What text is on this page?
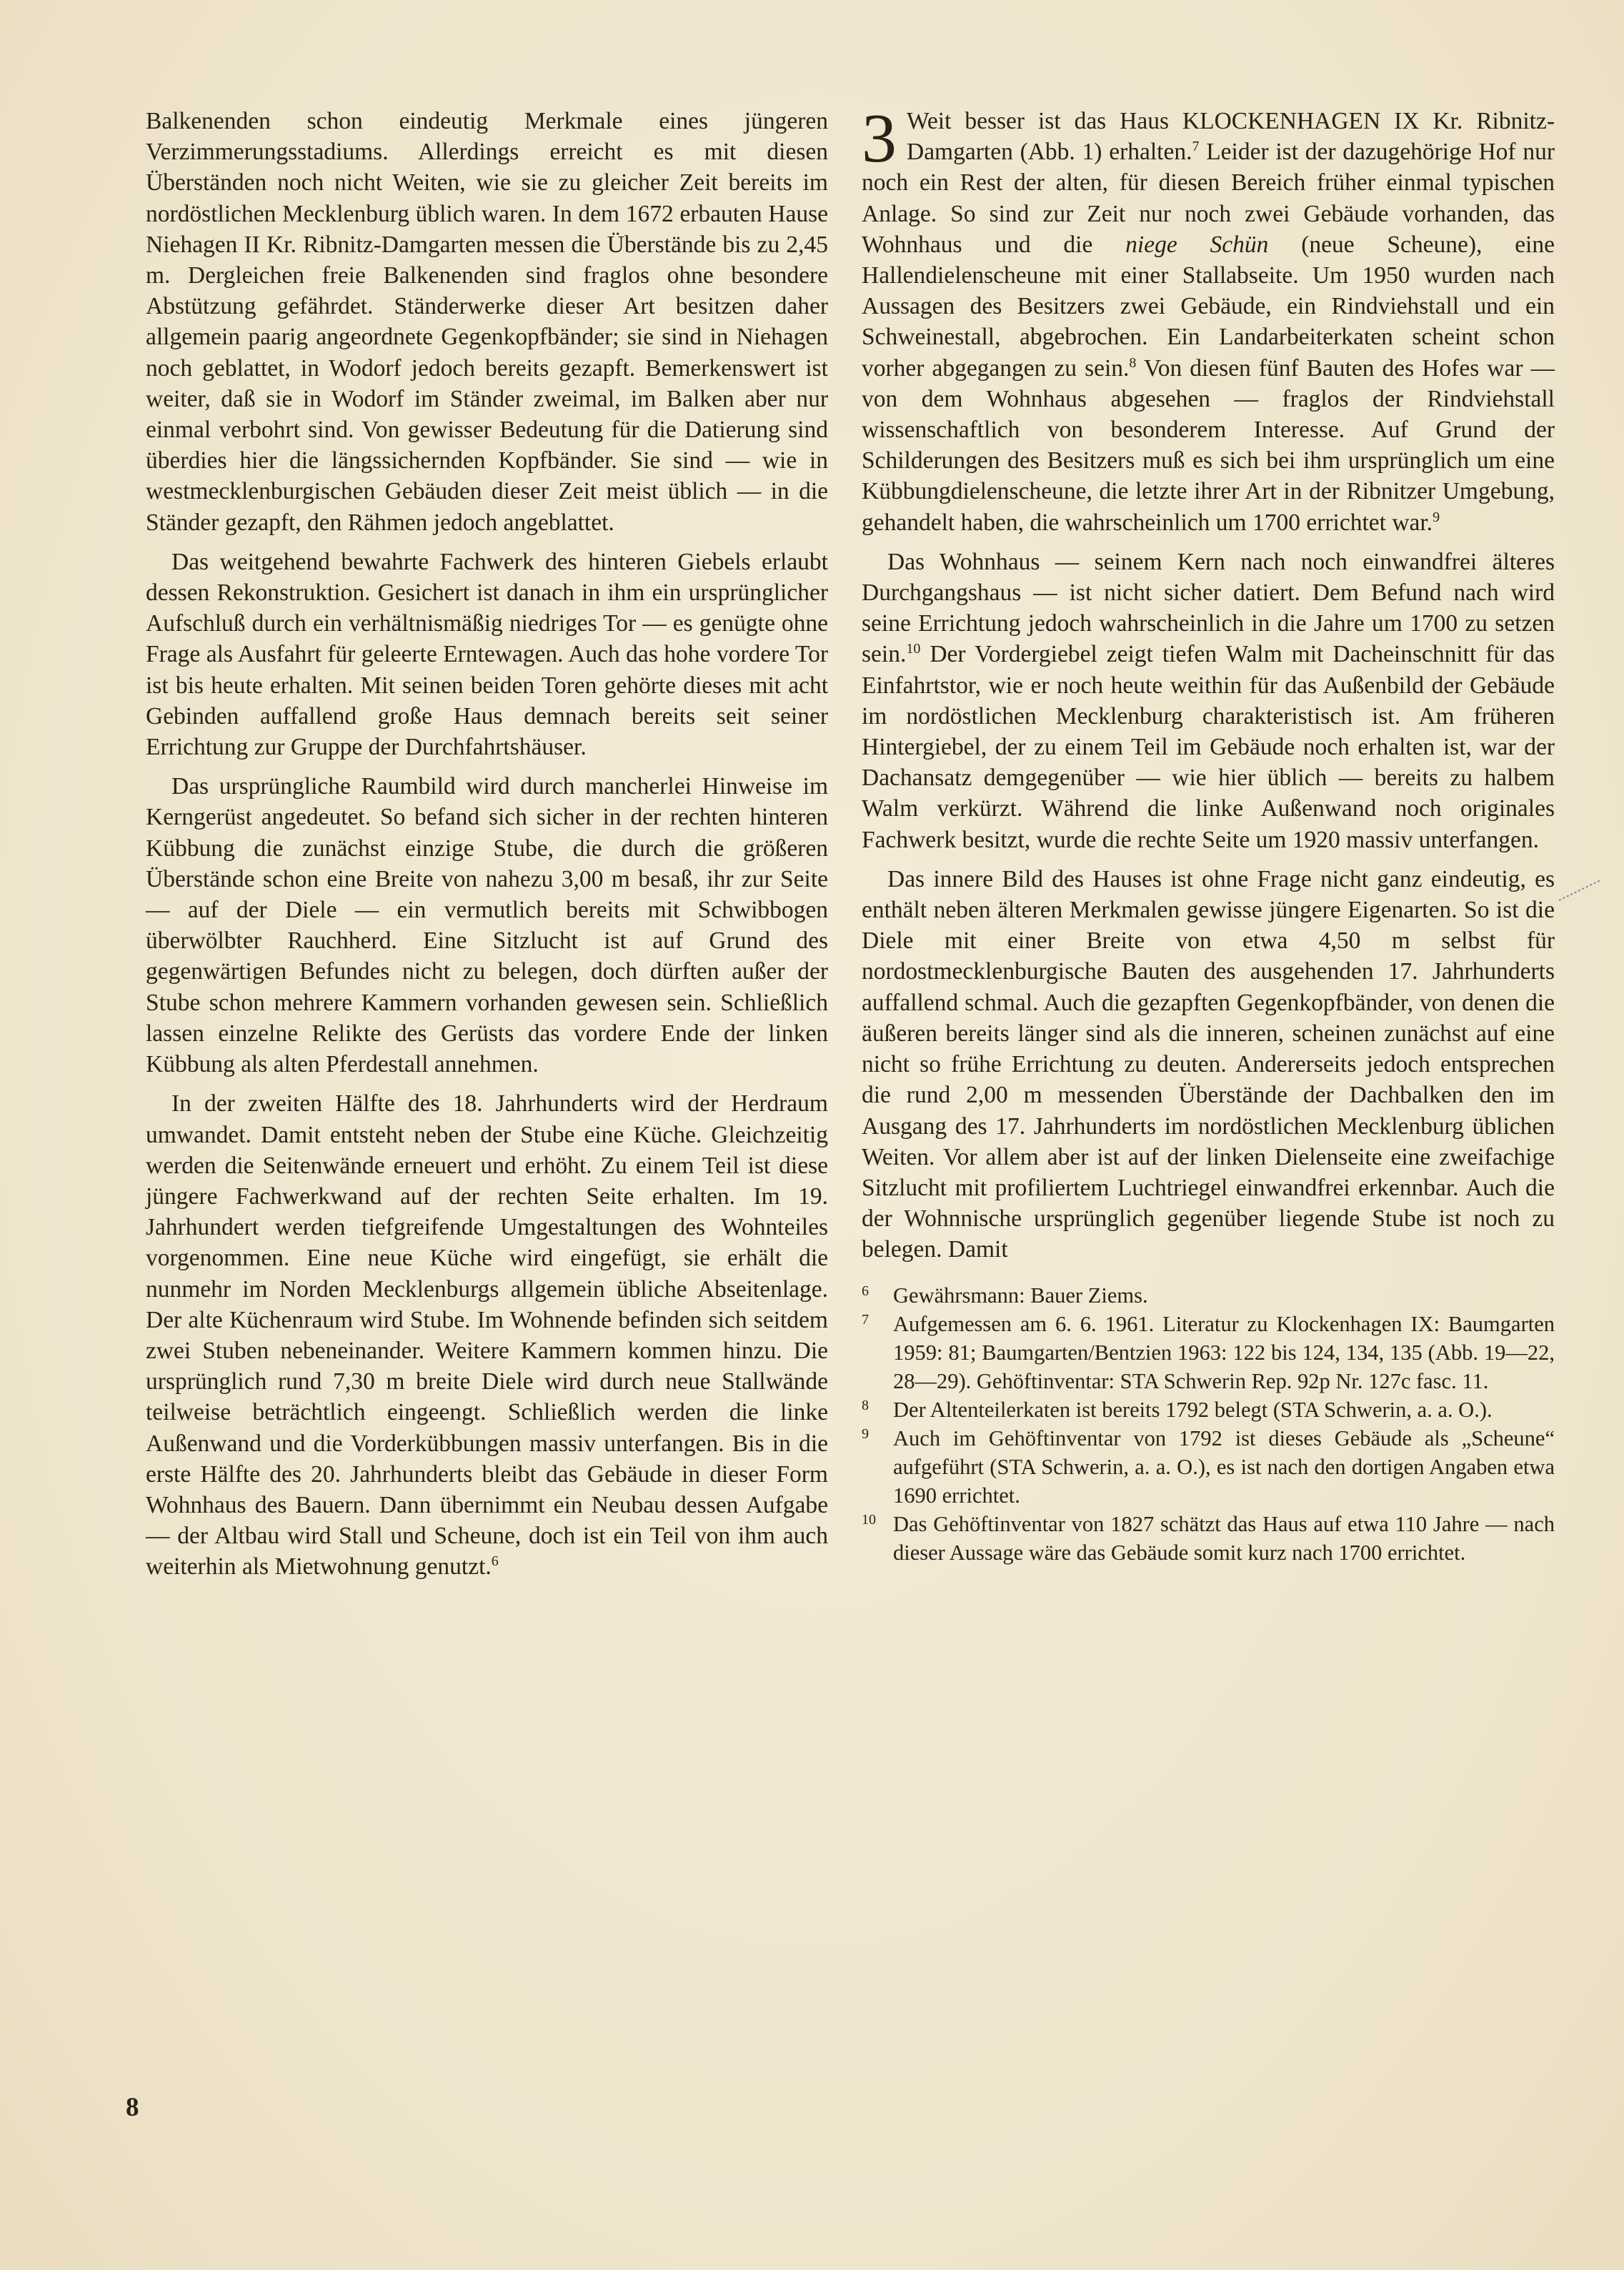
Balkenenden schon eindeutig Merkmale eines jüngeren Verzimmerungsstadiums. Allerdings erreicht es mit diesen Überständen noch nicht Weiten, wie sie zu gleicher Zeit bereits im nordöstlichen Mecklenburg üblich waren. In dem 1672 erbauten Hause Niehagen II Kr. Ribnitz-Damgarten messen die Überstände bis zu 2,45 m. Dergleichen freie Balkenenden sind fraglos ohne besondere Abstützung gefährdet. Ständerwerke dieser Art besitzen daher allgemein paarig angeordnete Gegenkopfbänder; sie sind in Niehagen noch geblattet, in Wodorf jedoch bereits gezapft. Bemerkenswert ist weiter, daß sie in Wodorf im Ständer zweimal, im Balken aber nur einmal verbohrt sind. Von gewisser Bedeutung für die Datierung sind überdies hier die längssichernden Kopfbänder. Sie sind — wie in westmecklenburgischen Gebäuden dieser Zeit meist üblich — in die Ständer gezapft, den Rähmen jedoch angeblattet.

Das weitgehend bewahrte Fachwerk des hinteren Giebels erlaubt dessen Rekonstruktion. Gesichert ist danach in ihm ein ursprünglicher Aufschluß durch ein verhältnismäßig niedriges Tor — es genügte ohne Frage als Ausfahrt für geleerte Erntewagen. Auch das hohe vordere Tor ist bis heute erhalten. Mit seinen beiden Toren gehörte dieses mit acht Gebinden auffallend große Haus demnach bereits seit seiner Errichtung zur Gruppe der Durchfahrtshäuser.

Das ursprüngliche Raumbild wird durch mancherlei Hinweise im Kerngerüst angedeutet. So befand sich sicher in der rechten hinteren Kübbung die zunächst einzige Stube, die durch die größeren Überstände schon eine Breite von nahezu 3,00 m besaß, ihr zur Seite — auf der Diele — ein vermutlich bereits mit Schwibbogen überwölbter Rauchherd. Eine Sitzlucht ist auf Grund des gegenwärtigen Befundes nicht zu belegen, doch dürften außer der Stube schon mehrere Kammern vorhanden gewesen sein. Schließlich lassen einzelne Relikte des Gerüsts das vordere Ende der linken Kübbung als alten Pferdestall annehmen.

In der zweiten Hälfte des 18. Jahrhunderts wird der Herdraum umwandet. Damit entsteht neben der Stube eine Küche. Gleichzeitig werden die Seitenwände erneuert und erhöht. Zu einem Teil ist diese jüngere Fachwerkwand auf der rechten Seite erhalten. Im 19. Jahrhundert werden tiefgreifende Umgestaltungen des Wohnteiles vorgenommen. Eine neue Küche wird eingefügt, sie erhält die nunmehr im Norden Mecklenburgs allgemein übliche Abseitenlage. Der alte Küchenraum wird Stube. Im Wohnende befinden sich seitdem zwei Stuben nebeneinander. Weitere Kammern kommen hinzu. Die ursprünglich rund 7,30 m breite Diele wird durch neue Stallwände teilweise beträchtlich eingeengt. Schließlich werden die linke Außenwand und die Vorderkübbungen massiv unterfangen. Bis in die erste Hälfte des 20. Jahrhunderts bleibt das Gebäude in dieser Form Wohnhaus des Bauern. Dann übernimmt ein Neubau dessen Aufgabe — der Altbau wird Stall und Scheune, doch ist ein Teil von ihm auch weiterhin als Mietwohnung genutzt.$^6$

3 Weit besser ist das Haus KLOCKENHAGEN IX Kr. Ribnitz-Damgarten (Abb. 1) erhalten.$^7$ Leider ist der dazugehörige Hof nur noch ein Rest der alten, für diesen Bereich früher einmal typischen Anlage. So sind zur Zeit nur noch zwei Gebäude vorhanden, das Wohnhaus und die niege Schün (neue Scheune), eine Hallendielenscheune mit einer Stallabseite. Um 1950 wurden nach Aussagen des Besitzers zwei Gebäude, ein Rindviehstall und ein Schweinestall, abgebrochen. Ein Landarbeiterkaten scheint schon vorher abgegangen zu sein.$^8$ Von diesen fünf Bauten des Hofes war — von dem Wohnhaus abgesehen — fraglos der Rindviehstall wissenschaftlich von besonderem Interesse. Auf Grund der Schilderungen des Besitzers muß es sich bei ihm ursprünglich um eine Kübbungdielenscheune, die letzte ihrer Art in der Ribnitzer Umgebung, gehandelt haben, die wahrscheinlich um 1700 errichtet war.$^9$

Das Wohnhaus — seinem Kern nach noch einwandfrei älteres Durchgangshaus — ist nicht sicher datiert. Dem Befund nach wird seine Errichtung jedoch wahrscheinlich in die Jahre um 1700 zu setzen sein.$^{10}$ Der Vordergiebel zeigt tiefen Walm mit Dacheinschnitt für das Einfahrtstor, wie er noch heute weithin für das Außenbild der Gebäude im nordöstlichen Mecklenburg charakteristisch ist. Am früheren Hintergiebel, der zu einem Teil im Gebäude noch erhalten ist, war der Dachansatz demgegenüber — wie hier üblich — bereits zu halbem Walm verkürzt. Während die linke Außenwand noch originales Fachwerk besitzt, wurde die rechte Seite um 1920 massiv unterfangen.

Das innere Bild des Hauses ist ohne Frage nicht ganz eindeutig, es enthält neben älteren Merkmalen gewisse jüngere Eigenarten. So ist die Diele mit einer Breite von etwa 4,50 m selbst für nordostmecklenburgische Bauten des ausgehenden 17. Jahrhunderts auffallend schmal. Auch die gezapften Gegenkopfbänder, von denen die äußeren bereits länger sind als die inneren, scheinen zunächst auf eine nicht so frühe Errichtung zu deuten. Andererseits jedoch entsprechen die rund 2,00 m messenden Überstände der Dachbalken den im Ausgang des 17. Jahrhunderts im nordöstlichen Mecklenburg üblichen Weiten. Vor allem aber ist auf der linken Dielenseite eine zweifachige Sitzlucht mit profiliertem Luchtriegel einwandfrei erkennbar. Auch die der Wohnnische ursprünglich gegenüber liegende Stube ist noch zu belegen. Damit

6 Gewährsmann: Bauer Ziems.
7 Aufgemessen am 6. 6. 1961. Literatur zu Klockenhagen IX: Baumgarten 1959: 81; Baumgarten/Bentzien 1963: 122 bis 124, 134, 135 (Abb. 19—22, 28—29). Gehöftinventar: STA Schwerin Rep. 92p Nr. 127c fasc. 11.
8 Der Altenteilerkaten ist bereits 1792 belegt (STA Schwerin, a. a. O.).
9 Auch im Gehöftinventar von 1792 ist dieses Gebäude als „Scheune“ aufgeführt (STA Schwerin, a. a. O.), es ist nach den dortigen Angaben etwa 1690 errichtet.
10 Das Gehöftinventar von 1827 schätzt das Haus auf etwa 110 Jahre — nach dieser Aussage wäre das Gebäude somit kurz nach 1700 errichtet.
8
